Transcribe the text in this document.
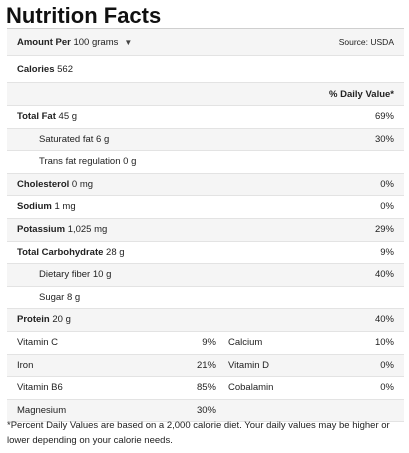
Nutrition Facts
Amount Per 100 grams ▼	Source: USDA
Calories 562
% Daily Value*
Total Fat 45 g	69%
Saturated fat 6 g	30%
Trans fat regulation 0 g
Cholesterol 0 mg	0%
Sodium 1 mg	0%
Potassium 1,025 mg	29%
Total Carbohydrate 28 g	9%
Dietary fiber 10 g	40%
Sugar 8 g
Protein 20 g	40%
Vitamin C	9% Calcium	10%
Iron	21% Vitamin D	0%
Vitamin B6	85% Cobalamin	0%
Magnesium	30%
*Percent Daily Values are based on a 2,000 calorie diet. Your daily values may be higher or lower depending on your calorie needs.
